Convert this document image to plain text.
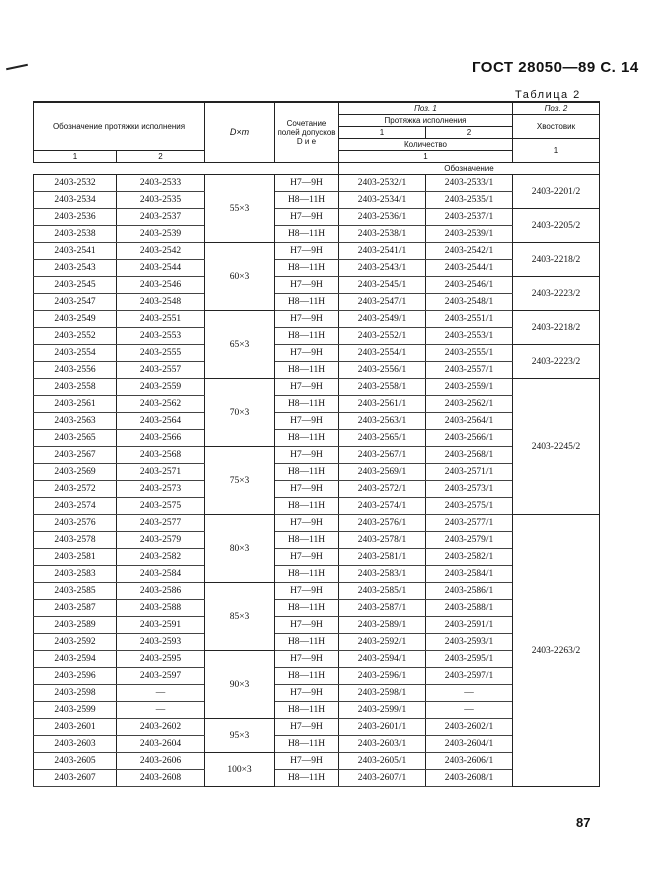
ГОСТ 28050—89 С. 14
Таблица 2
Обозначение протяжки исполнения		D×m	Сочетание полей допусков D и e	Поз. 1		Поз. 2
				Протяжка исполнения		Хвостовик
				1	2	
				Количество		1
1	2			1		
				Обозначение		
2403-2532	2403-2533	55×3	H7—9H	2403-2532/1	2403-2533/1	2403-2201/2
2403-2534	2403-2535		H8—11H	2403-2534/1	2403-2535/1	
2403-2536	2403-2537		H7—9H	2403-2536/1	2403-2537/1	2403-2205/2
2403-2538	2403-2539		H8—11H	2403-2538/1	2403-2539/1	
2403-2541	2403-2542	60×3	H7—9H	2403-2541/1	2403-2542/1	2403-2218/2
2403-2543	2403-2544		H8—11H	2403-2543/1	2403-2544/1	
2403-2545	2403-2546		H7—9H	2403-2545/1	2403-2546/1	2403-2223/2
2403-2547	2403-2548		H8—11H	2403-2547/1	2403-2548/1	
2403-2549	2403-2551	65×3	H7—9H	2403-2549/1	2403-2551/1	2403-2218/2
2403-2552	2403-2553		H8—11H	2403-2552/1	2403-2553/1	
2403-2554	2403-2555		H7—9H	2403-2554/1	2403-2555/1	2403-2223/2
2403-2556	2403-2557		H8—11H	2403-2556/1	2403-2557/1	
2403-2558	2403-2559	70×3	H7—9H	2403-2558/1	2403-2559/1	2403-2245/2
2403-2561	2403-2562		H8—11H	2403-2561/1	2403-2562/1	
2403-2563	2403-2564		H7—9H	2403-2563/1	2403-2564/1	
2403-2565	2403-2566		H8—11H	2403-2565/1	2403-2566/1	
2403-2567	2403-2568	75×3	H7—9H	2403-2567/1	2403-2568/1	
2403-2569	2403-2571		H8—11H	2403-2569/1	2403-2571/1	
2403-2572	2403-2573		H7—9H	2403-2572/1	2403-2573/1	
2403-2574	2403-2575		H8—11H	2403-2574/1	2403-2575/1	
2403-2576	2403-2577	80×3	H7—9H	2403-2576/1	2403-2577/1	2403-2263/2
2403-2578	2403-2579		H8—11H	2403-2578/1	2403-2579/1	
2403-2581	2403-2582		H7—9H	2403-2581/1	2403-2582/1	
2403-2583	2403-2584		H8—11H	2403-2583/1	2403-2584/1	
2403-2585	2403-2586	85×3	H7—9H	2403-2585/1	2403-2586/1	
2403-2587	2403-2588		H8—11H	2403-2587/1	2403-2588/1	
2403-2589	2403-2591		H7—9H	2403-2589/1	2403-2591/1	
2403-2592	2403-2593		H8—11H	2403-2592/1	2403-2593/1	
2403-2594	2403-2595	90×3	H7—9H	2403-2594/1	2403-2595/1	
2403-2596	2403-2597		H8—11H	2403-2596/1	2403-2597/1	
2403-2598	—		H7—9H	2403-2598/1	—	
2403-2599	—		H8—11H	2403-2599/1	—	
2403-2601	2403-2602	95×3	H7—9H	2403-2601/1	2403-2602/1	
2403-2603	2403-2604		H8—11H	2403-2603/1	2403-2604/1	
2403-2605	2403-2606	100×3	H7—9H	2403-2605/1	2403-2606/1	
2403-2607	2403-2608		H8—11H	2403-2607/1	2403-2608/1	
87
